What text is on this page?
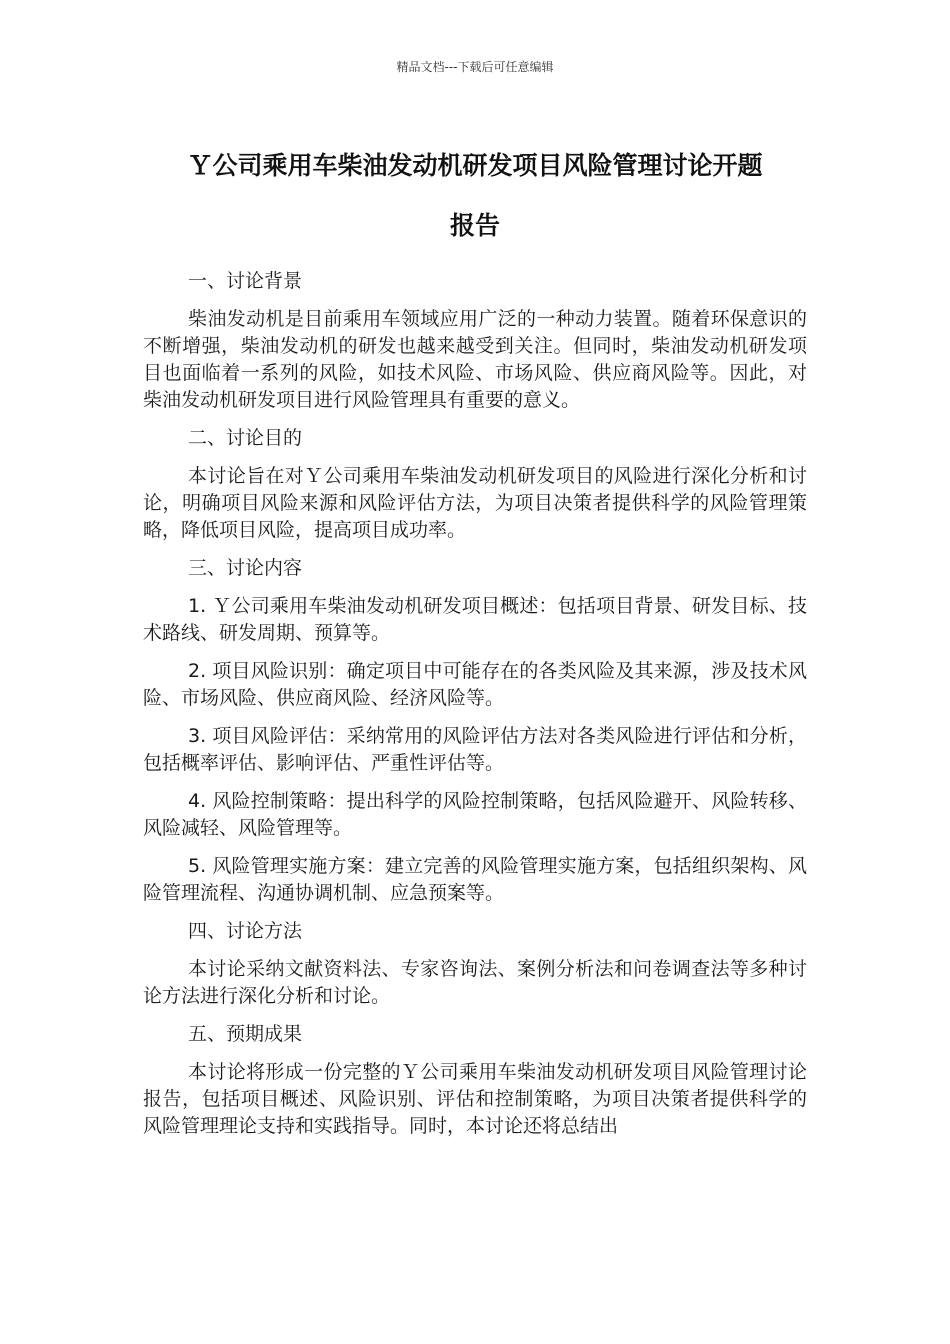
精品文档---下载后可任意编辑
Ｙ公司乘用车柴油发动机研发项目风险管理讨论开题
报告

一、讨论背景

柴油发动机是目前乘用车领域应用广泛的一种动力装置。随着环保意识的不断增强，柴油发动机的研发也越来越受到关注。但同时，柴油发动机研发项目也面临着一系列的风险，如技术风险、市场风险、供应商风险等。因此，对柴油发动机研发项目进行风险管理具有重要的意义。

二、讨论目的

本讨论旨在对Ｙ公司乘用车柴油发动机研发项目的风险进行深化分析和讨论，明确项目风险来源和风险评估方法，为项目决策者提供科学的风险管理策略，降低项目风险，提高项目成功率。

三、讨论内容

1. Ｙ公司乘用车柴油发动机研发项目概述：包括项目背景、研发目标、技术路线、研发周期、预算等。

2. 项目风险识别：确定项目中可能存在的各类风险及其来源，涉及技术风险、市场风险、供应商风险、经济风险等。

3. 项目风险评估：采纳常用的风险评估方法对各类风险进行评估和分析，包括概率评估、影响评估、严重性评估等。

4. 风险控制策略：提出科学的风险控制策略，包括风险避开、风险转移、风险减轻、风险管理等。

5. 风险管理实施方案：建立完善的风险管理实施方案，包括组织架构、风险管理流程、沟通协调机制、应急预案等。

四、讨论方法

本讨论采纳文献资料法、专家咨询法、案例分析法和问卷调查法等多种讨论方法进行深化分析和讨论。

五、预期成果

本讨论将形成一份完整的Ｙ公司乘用车柴油发动机研发项目风险管理讨论报告，包括项目概述、风险识别、评估和控制策略，为项目决策者提供科学的风险管理理论支持和实践指导。同时，本讨论还将总结出
